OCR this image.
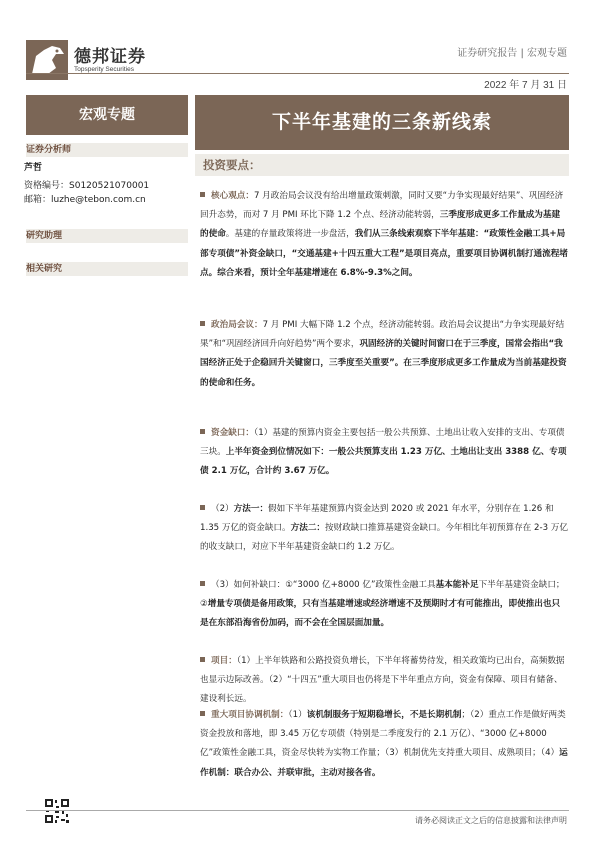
德邦证券
Topsperity Securities
证券研究报告 | 宏观专题
2022 年 7 月 31 日
宏观专题
证券分析师
芦哲
资格编号：S0120521070001
邮箱：luzhe@tebon.com.cn
研究助理
相关研究
下半年基建的三条新线索
投资要点：
核心观点：7 月政治局会议没有给出增量政策刺激，同时又要“力争实现最好结果”、巩固经济回升态势，而对 7 月 PMI 环比下降 1.2 个点、经济动能转弱，三季度形成更多工作量成为基建的使命。基建的存量政策将进一步盘活，我们从三条线索观察下半年基建：“政策性金融工具+局部专项债”补资金缺口，“交通基建+十四五重大工程”是项目亮点，重要项目协调机制打通流程堵点。综合来看，预计全年基建增速在 6.8%-9.3%之间。
政治局会议：7 月 PMI 大幅下降 1.2 个点，经济动能转弱。政治局会议提出“力争实现最好结果”和“巩固经济回升向好趋势”两个要求，巩固经济的关键时间窗口在于三季度，国常会指出“我国经济正处于企稳回升关键窗口，三季度至关重要”。在三季度形成更多工作量成为当前基建投资的使命和任务。
资金缺口：（1）基建的预算内资金主要包括一般公共预算、土地出让收入安排的支出、专项债三块。上半年资金到位情况如下：一般公共预算支出 1.23 万亿、土地出让支出 3388 亿、专项债 2.1 万亿，合计约 3.67 万亿。
（2）方法一：假如下半年基建预算内资金达到 2020 或 2021 年水平，分别存在 1.26 和 1.35 万亿的资金缺口。方法二：按财政缺口推算基建资金缺口。今年相比年初预算存在 2-3 万亿的收支缺口，对应下半年基建资金缺口约 1.2 万亿。
（3）如何补缺口：①“3000 亿+8000 亿”政策性金融工具基本能补足下半年基建资金缺口；②增量专项债是备用政策，只有当基建增速或经济增速不及预期时才有可能推出，即使推出也只是在东部沿海省份加码，而不会在全国层面加量。
项目：（1）上半年铁路和公路投资负增长，下半年将蓄势待发，相关政策均已出台，高频数据也显示边际改善。（2）“十四五”重大项目也仍将是下半年重点方向，资金有保障、项目有储备、建设利长远。
重大项目协调机制：（1）该机制服务于短期稳增长，不是长期机制；（2）重点工作是做好两类资金投放和落地，即 3.45 万亿专项债（特别是二季度发行的 2.1 万亿）、“3000 亿+8000 亿”政策性金融工具，资金尽快转为实物工作量；（3）机制优先支持重大项目、成熟项目；（4）运作机制：联合办公、并联审批，主动对接各省。
请务必阅读正文之后的信息披露和法律声明
